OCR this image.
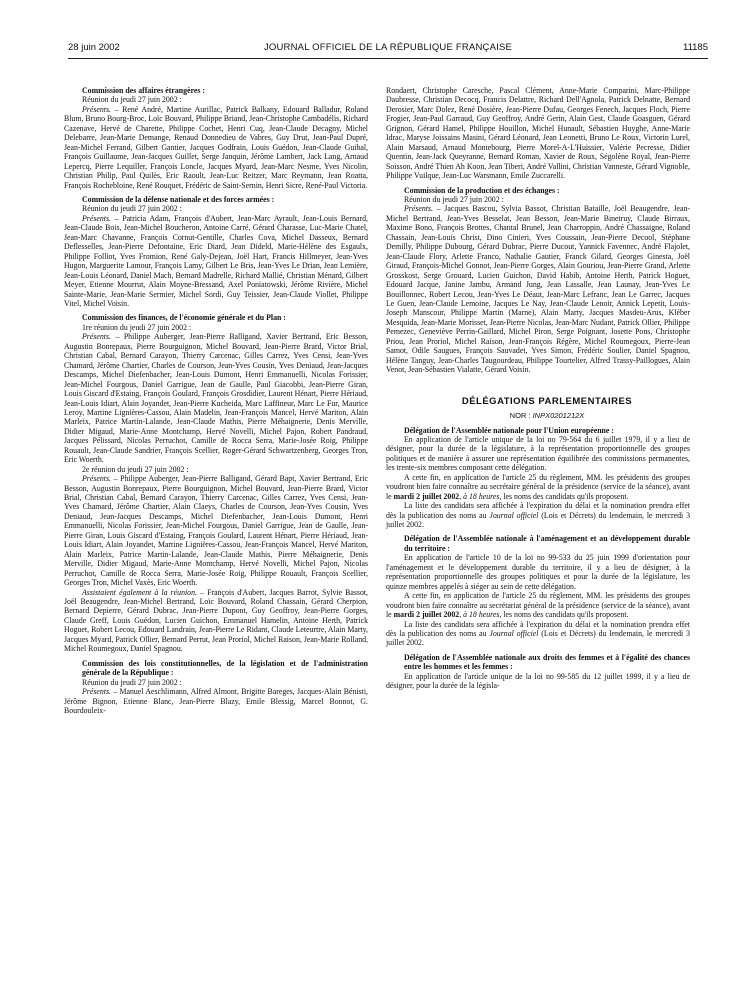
28 juin 2002	JOURNAL OFFICIEL DE LA RÉPUBLIQUE FRANÇAISE	11185
Commission des affaires étrangères :

Réunion du jeudi 27 juin 2002 :

Présents. – René André, Martine Aurillac, Patrick Balkany, Edouard Balladur, Roland Blum, Bruno Bourg-Broc, Loïc Bouvard, Philippe Briand, Jean-Christophe Cambadélis, Richard Cazenave, Hervé de Charette, Philippe Cochet, Henri Cuq, Jean-Claude Decagny, Michel Delebarre, Jean-Marie Demange, Renaud Donnedieu de Vabres, Guy Drut, Jean-Paul Dupré, Jean-Michel Ferrand, Gilbert Gantier, Jacques Godfrain, Louis Guédon, Jean-Claude Guibal, François Guillaume, Jean-Jacques Guillet, Serge Janquin, Jérôme Lambert, Jack Lang, Arnaud Lepercq, Pierre Lequiller, François Loncle, Jacques Myard, Jean-Marc Nesme, Yves Nicolin, Christian Philip, Paul Quilès, Eric Raoult, Jean-Luc Reitzer, Marc Reymann, Jean Roatta, François Rochebloine, René Rouquet, Frédéric de Saint-Sernin, Henri Sicre, René-Paul Victoria.

Commission de la défense nationale et des forces armées :

Réunion du jeudi 27 juin 2002 :

Présents. – Patricia Adam, François d'Aubert, Jean-Marc Ayrault, Jean-Louis Bernard, Jean-Claude Bois, Jean-Michel Boucheron, Antoine Carré, Gérard Charasse, Luc-Marie Chatel, Jean-Marc Chavanne, François Cornut-Gentille, Charles Cova, Michel Dasseux, Bernard Deflesselles, Jean-Pierre Defontaine, Eric Diard, Jean Dideld, Marie-Hélène des Esgaulx, Philippe Folliot, Yves Fromion, René Galy-Dejean, Joël Hart, Francis Hillmeyer, Jean-Yves Hugon, Marguerite Lamour, François Lamy, Gilbert Le Bris, Jean-Yves Le Drian, Jean Lemière, Jean-Louis Léonard, Daniel Mach, Bernard Madrelle, Richard Mallié, Christian Ménard, Gilbert Meyer, Etienne Mourrut, Alain Moyne-Bressand, Axel Poniatowski, Jérôme Rivière, Michel Sainte-Marie, Jean-Marie Sermier, Michel Sordi, Guy Teissier, Jean-Claude Viollet, Philippe Vitel, Michel Voisin.

Commission des finances, de l'économie générale et du Plan :

1re réunion du jeudi 27 juin 2002 :

Présents. – Philippe Auberger, Jean-Pierre Balligand, Xavier Bertrand, Eric Besson, Augustin Bonrepaux, Pierre Bourguignon, Michel Bouvard, Jean-Pierre Brard, Victor Brial, Christian Cabal, Bernard Carayon, Thierry Carcenac, Gilles Carrez, Yves Censi, Jean-Yves Chamard, Jérôme Chartier, Charles de Courson, Jean-Yves Cousin, Yves Deniaud, Jean-Jacques Descamps, Michel Diefenbacher, Jean-Louis Dumont, Henri Emmanuelli, Nicolas Forissier, Jean-Michel Fourgous, Daniel Garrigue, Jean de Gaulle, Paul Giacobbi, Jean-Pierre Giran, Louis Giscard d'Estaing, François Goulard, François Grosdidier, Laurent Hénart, Pierre Hériaud, Jean-Louis Idiart, Alain Joyandet, Jean-Pierre Kucheida, Marc Laffineur, Marc Le Fur, Maurice Leroy, Martine Lignières-Cassou, Alain Madelin, Jean-François Mancel, Hervé Mariton, Alain Marleix, Patrice Martin-Lalande, Jean-Claude Mathis, Pierre Méhaignerie, Denis Merville, Didier Migaud, Marie-Anne Montchamp, Hervé Novelli, Michel Pajon, Robert Pandraud, Jacques Pélissard, Nicolas Perruchot, Camille de Rocca Serra, Marie-Josée Roig, Philippe Rouault, Jean-Claude Sandrier, François Scellier, Roger-Gérard Schwartzenberg, Georges Tron, Eric Woerth.

2e réunion du jeudi 27 juin 2002 :

Présents. – Philippe Auberger, Jean-Pierre Balligand, Gérard Bapt, Xavier Bertrand, Eric Besson, Augustin Bonrepaux, Pierre Bourguignon, Michel Bouvard, Jean-Pierre Brard, Victor Brial, Christian Cabal, Bernard Carayon, Thierry Carcenac, Gilles Carrez, Yves Censi, Jean-Yves Chamard, Jérôme Chartier, Alain Claeys, Charles de Courson, Jean-Yves Cousin, Yves Deniaud, Jean-Jacques Descamps, Michel Diefenbacher, Jean-Louis Dumont, Henri Emmanuelli, Nicolas Forissier, Jean-Michel Fourgous, Daniel Garrigue, Jean de Gaulle, Jean-Pierre Giran, Louis Giscard d'Estaing, François Goulard, Laurent Hénart, Pierre Hériaud, Jean-Louis Idiart, Alain Joyandet, Martine Lignières-Cassou, Jean-François Mancel, Hervé Mariton, Alain Marleix, Patrice Martin-Lalande, Jean-Claude Mathis, Pierre Méhaignerie, Denis Merville, Didier Migaud, Marie-Anne Montchamp, Hervé Novelli, Michel Pajon, Nicolas Perruchot, Camille de Rocca Serra, Marie-Josée Roig, Philippe Rouault, François Scellier, Georges Tron, Michel Vaxès, Eric Woerth.

Assistaient également à la réunion. – François d'Aubert, Jacques Barrot, Sylvie Bassot, Joël Beaugendre, Jean-Michel Bertrand, Loïc Bouvard, Roland Chassain, Gérard Cherpion, Bernard Depierre, Gérard Dubrac, Jean-Pierre Dupont, Guy Geoffroy, Jean-Pierre Gorges, Claude Greff, Louis Guédon, Lucien Guichon, Emmanuel Hamelin, Antoine Herth, Patrick Hoguet, Robert Lecou, Edouard Landrain, Jean-Pierre Le Ridant, Claude Leteurtre, Alain Marty, Jacques Myard, Patrick Ollier, Bernard Perrut, Jean Proriol, Michel Raison, Jean-Marie Rolland, Michel Roumegoux, Daniel Spagnou.

Commission des lois constitutionnelles, de la législation et de l'administration générale de la République :

Réunion du jeudi 27 juin 2002 :

Présents. – Manuel Aeschlimann, Alfred Almont, Brigitte Bareges, Jacques-Alain Bénisti, Jérôme Bignon, Etienne Blanc, Jean-Pierre Blazy, Emile Blessig, Marcel Bonnot, G. Bourdouleix-

Rondaert, Christophe Caresche, Pascal Clément, Anne-Marie Comparini, Marc-Philippe Daubresse, Christian Decocq, Francis Delattre, Richard Dell'Agnola, Patrick Delnatte, Bernard Derosier, Marc Dolez, René Dosière, Jean-Pierre Dufau, Georges Fenech, Jacques Floch, Pierre Frogier, Jean-Paul Garraud, Guy Geoffroy, André Gerin, Alain Gest, Claude Goasguen, Gérard Grignon, Gérard Hamel, Philippe Houillon, Michel Hunault, Sébastien Huyghe, Anne-Marie Idrac, Maryse Joissains Masini, Gérard Léonard, Jean Leonetti, Bruno Le Roux, Victorin Lurel, Alain Marsaud, Arnaud Montebourg, Pierre Morel-A-L'Huissier, Valérie Pecresse, Didier Quentin, Jean-Jack Queyranne, Bernard Roman, Xavier de Roux, Ségolène Royal, Jean-Pierre Soisson, André Thien Ah Koon, Jean Tiberi, André Vallini, Christian Vanneste, Gérard Vignoble, Philippe Vuilque, Jean-Luc Warsmann, Emile Zuccarelli.

Commission de la production et des échanges :

Réunion du jeudi 27 juin 2002 :

Présents. – Jacques Bascou, Sylvia Bassot, Christian Bataille, Joël Beaugendre, Jean-Michel Bertrand, Jean-Yves Besselat, Jean Besson, Jean-Marie Binetruy, Claude Birraux, Maxime Bono, François Brottes, Chantal Brunel, Jean Charroppin, André Chassaigne, Roland Chassain, Jean-Louis Christ, Dino Cinieri, Yves Coussain, Jean-Pierre Decool, Stéphane Demilly, Philippe Dubourg, Gérard Dubrac, Pierre Ducout, Yannick Favennec, André Flajolet, Jean-Claude Flory, Arlette Franco, Nathalie Gautier, Franck Gilard, Georges Ginesta, Joël Giraud, François-Michel Gonnot, Jean-Pierre Gorges, Alain Gouriou, Jean-Pierre Grand, Arlette Grosskost, Serge Grouard, Lucien Guichon, David Habib, Antoine Herth, Patrick Hoguet, Edouard Jacque, Janine Jambu, Armand Jung, Jean Lassalle, Jean Launay, Jean-Yves Le Bouillonnec, Robert Lecou, Jean-Yves Le Déaut, Jean-Marc Lefranc, Jean Le Garrec, Jacques Le Guen, Jean-Claude Lemoine, Jacques Le Nay, Jean-Claude Lenoir, Annick Lepetit, Louis-Joseph Manscour, Philippe Martin (Marne), Alain Marty, Jacques Masdeu-Arus, Kléber Mesquida, Jean-Marie Morisset, Jean-Pierre Nicolas, Jean-Marc Nudant, Patrick Ollier, Philippe Pemezec, Geneviève Perrin-Gaillard, Michel Piron, Serge Poignant, Josette Pons, Christophe Priou, Jean Proriol, Michel Raison, Jean-François Régère, Michel Roumegoux, Pierre-Jean Samot, Odile Saugues, François Sauvadet, Yves Simon, Frédéric Soulier, Daniel Spagnou, Hélène Tanguy, Jean-Charles Taugourdeau, Philippe Tourtelier, Alfred Trassy-Paillogues, Alain Venot, Jean-Sébastien Vialatte, Gérard Voisin.

DÉLÉGATIONS PARLEMENTAIRES

NOR : INPX0201212X

Délégation de l'Assemblée nationale pour l'Union européenne :

En application de l'article unique de la loi no 79-564 du 6 juillet 1979, il y a lieu de désigner, pour la durée de la législature, à la représentation proportionnelle des groupes politiques et de manière à assurer une représentation équilibrée des commissions permanentes, les trente-six membres composant cette délégation.

A cette fin, en application de l'article 25 du règlement, MM. les présidents des groupes voudront bien faire connaître au secrétaire général de la présidence (service de la séance), avant le mardi 2 juillet 2002, à 18 heures, les noms des candidats qu'ils proposent.

La liste des candidats sera affichée à l'expiration du délai et la nomination prendra effet dès la publication des noms au Journal officiel (Lois et Décrets) du lendemain, le mercredi 3 juillet 2002.

Délégation de l'Assemblée nationale à l'aménagement et au développement durable du territoire :

En application de l'article 10 de la loi no 99-533 du 25 juin 1999 d'orientation pour l'aménagement et le développement durable du territoire, il y a lieu de désigner, à la représentation proportionnelle des groupes politiques et pour la durée de la législature, les quinze membres appelés à siéger au sein de cette délégation.

A cette fin, en application de l'article 25 du règlement, MM. les présidents des groupes voudront bien faire connaître au secrétariat général de la présidence (service de la séance), avant le mardi 2 juillet 2002, à 18 heures, les noms des candidats qu'ils proposent.

La liste des candidats sera affichée à l'expiration du délai et la nomination prendra effet dès la publication des noms au Journal officiel (Lois et Décrets) du lendemain, le mercredi 3 juillet 2002.

Délégation de l'Assemblée nationale aux droits des femmes et à l'égalité des chances entre les hommes et les femmes :

En application de l'article unique de la loi no 99-585 du 12 juillet 1999, il y a lieu de désigner, pour la durée de la législa-
